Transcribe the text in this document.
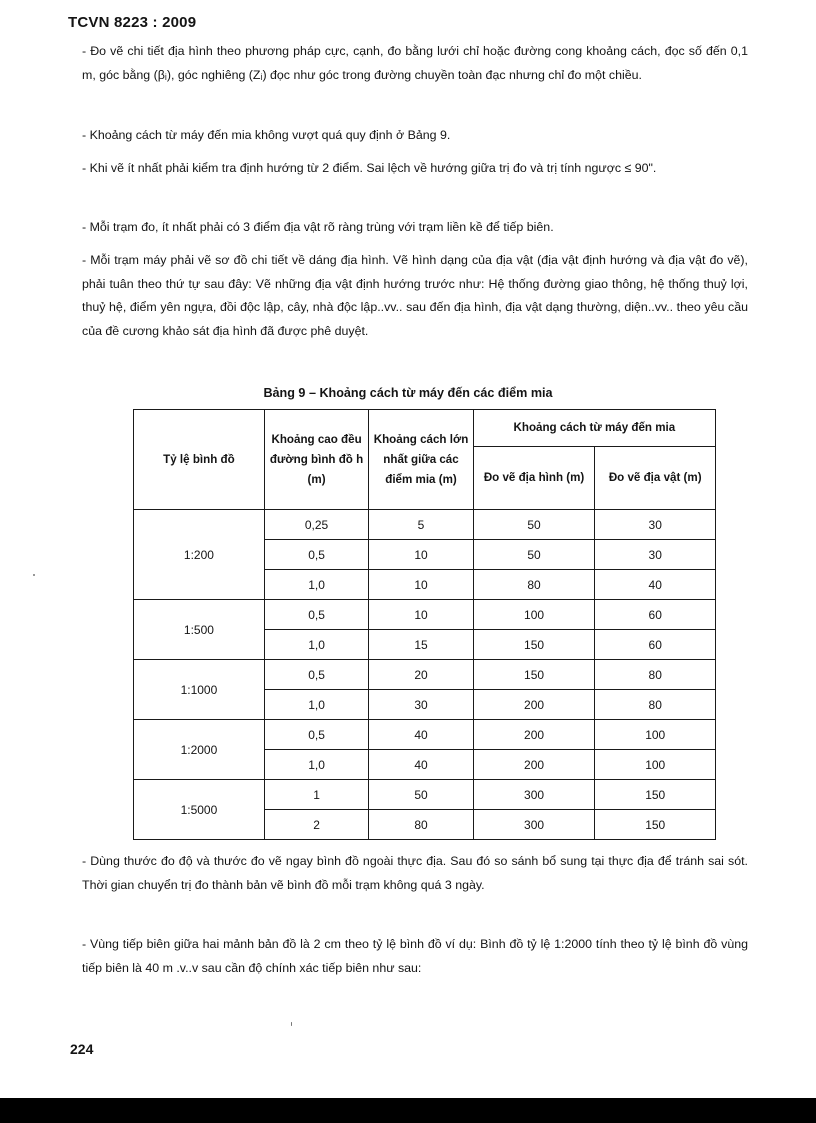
TCVN 8223 : 2009

- Đo vẽ chi tiết địa hình theo phương pháp cực, cạnh, đo bằng lưới chỉ hoặc đường cong khoảng cách, đọc số đến 0,1 m, góc bằng (βᵢ), góc nghiêng (Zᵢ) đọc như góc trong đường chuyền toàn đạc nhưng chỉ đo một chiều.

- Khoảng cách từ máy đến mia không vượt quá quy định ở Bảng 9.

- Khi vẽ ít nhất phải kiểm tra định hướng từ 2 điểm. Sai lệch về hướng giữa trị đo và trị tính ngược ≤ 90".

- Mỗi trạm đo, ít nhất phải có 3 điểm địa vật rõ ràng trùng với trạm liền kề để tiếp biên.

- Mỗi trạm máy phải vẽ sơ đồ chi tiết về dáng địa hình. Vẽ hình dạng của địa vật (địa vật định hướng và địa vật đo vẽ), phải tuân theo thứ tự sau đây: Vẽ những địa vật định hướng trước như: Hệ thống đường giao thông, hệ thống thuỷ lợi, thuỷ hệ, điểm yên ngựa, đồi độc lập, cây, nhà độc lập..vv.. sau đến địa hình, địa vật dạng thường, diện..vv.. theo yêu cầu của đề cương khảo sát địa hình đã được phê duyệt.

Bảng 9 – Khoảng cách từ máy đến các điểm mia
Tỷ lệ bình đồ	Khoảng cao đều đường bình đồ h (m)	Khoảng cách lớn nhất giữa các điểm mia (m)	Khoảng cách từ máy đến mia	
			Đo vẽ địa hình (m)	Đo vẽ địa vật (m)
1:200	0,25	5	50	30
	0,5	10	50	30
	1,0	10	80	40
1:500	0,5	10	100	60
	1,0	15	150	60
1:1000	0,5	20	150	80
	1,0	30	200	80
1:2000	0,5	40	200	100
	1,0	40	200	100
1:5000	1	50	300	150
	2	80	300	150

- Dùng thước đo độ và thước đo vẽ ngay bình đồ ngoài thực địa. Sau đó so sánh bổ sung tại thực địa để tránh sai sót. Thời gian chuyển trị đo thành bản vẽ bình đồ mỗi trạm không quá 3 ngày.

- Vùng tiếp biên giữa hai mảnh bản đồ là 2 cm theo tỷ lệ bình đồ ví dụ: Bình đồ tỷ lệ 1:2000 tính theo tỷ lệ bình đồ vùng tiếp biên là 40 m .v..v sau cần độ chính xác tiếp biên như sau:

224
